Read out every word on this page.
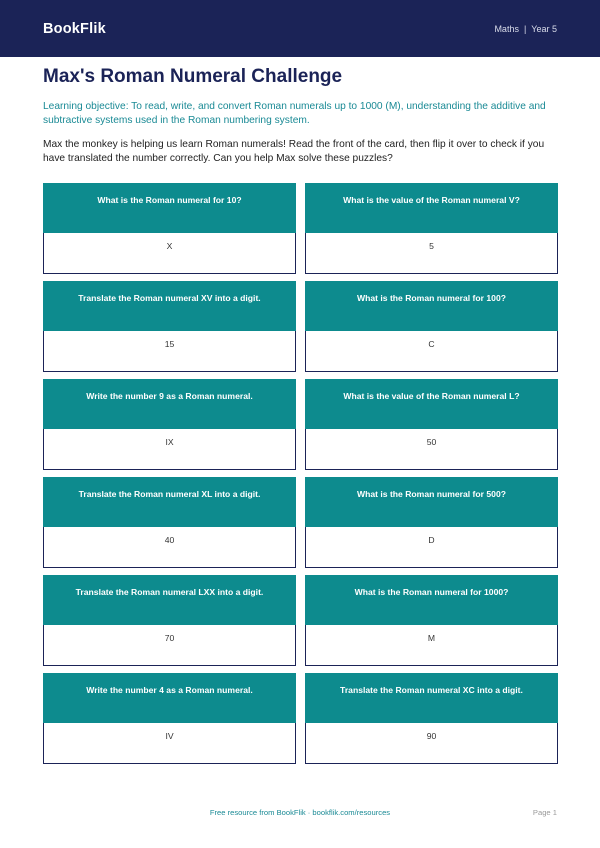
BookFlik	Maths | Year 5
Max's Roman Numeral Challenge

Learning objective: To read, write, and convert Roman numerals up to 1000 (M), understanding the additive and subtractive systems used in the Roman numbering system.

Max the monkey is helping us learn Roman numerals! Read the front of the card, then flip it over to check if you have translated the number correctly. Can you help Max solve these puzzles?

What is the Roman numeral for 10?
X
What is the value of the Roman numeral V?
5
Translate the Roman numeral XV into a digit.
15
What is the Roman numeral for 100?
C
Write the number 9 as a Roman numeral.
IX
What is the value of the Roman numeral L?
50
Translate the Roman numeral XL into a digit.
40
What is the Roman numeral for 500?
D
Translate the Roman numeral LXX into a digit.
70
What is the Roman numeral for 1000?
M
Write the number 4 as a Roman numeral.
IV
Translate the Roman numeral XC into a digit.
90
Free resource from BookFlik · bookflik.com/resources	Page 1
